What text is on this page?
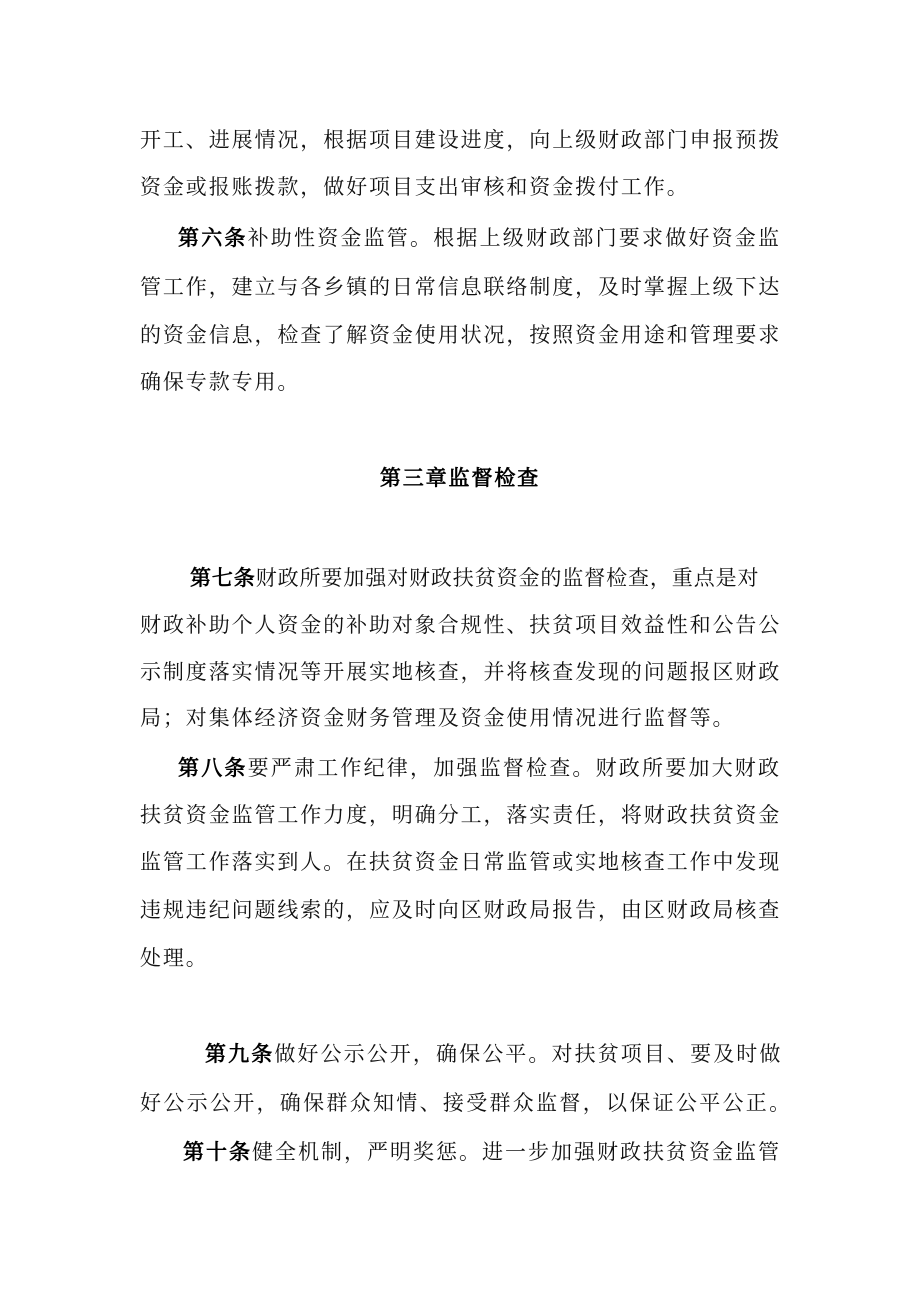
开工、进展情况，根据项目建设进度，向上级财政部门申报预拨
资金或报账拨款，做好项目支出审核和资金拨付工作。
第六条补助性资金监管。根据上级财政部门要求做好资金监
管工作，建立与各乡镇的日常信息联络制度，及时掌握上级下达
的资金信息，检查了解资金使用状况，按照资金用途和管理要求
确保专款专用。
第三章监督检查
第七条财政所要加强对财政扶贫资金的监督检查，重点是对
财政补助个人资金的补助对象合规性、扶贫项目效益性和公告公
示制度落实情况等开展实地核查，并将核查发现的问题报区财政
局；对集体经济资金财务管理及资金使用情况进行监督等。
第八条要严肃工作纪律，加强监督检查。财政所要加大财政
扶贫资金监管工作力度，明确分工，落实责任，将财政扶贫资金
监管工作落实到人。在扶贫资金日常监管或实地核查工作中发现
违规违纪问题线索的，应及时向区财政局报告，由区财政局核查
处理。
第九条做好公示公开，确保公平。对扶贫项目、要及时做
好公示公开，确保群众知情、接受群众监督，以保证公平公正。
第十条健全机制，严明奖惩。进一步加强财政扶贫资金监管
